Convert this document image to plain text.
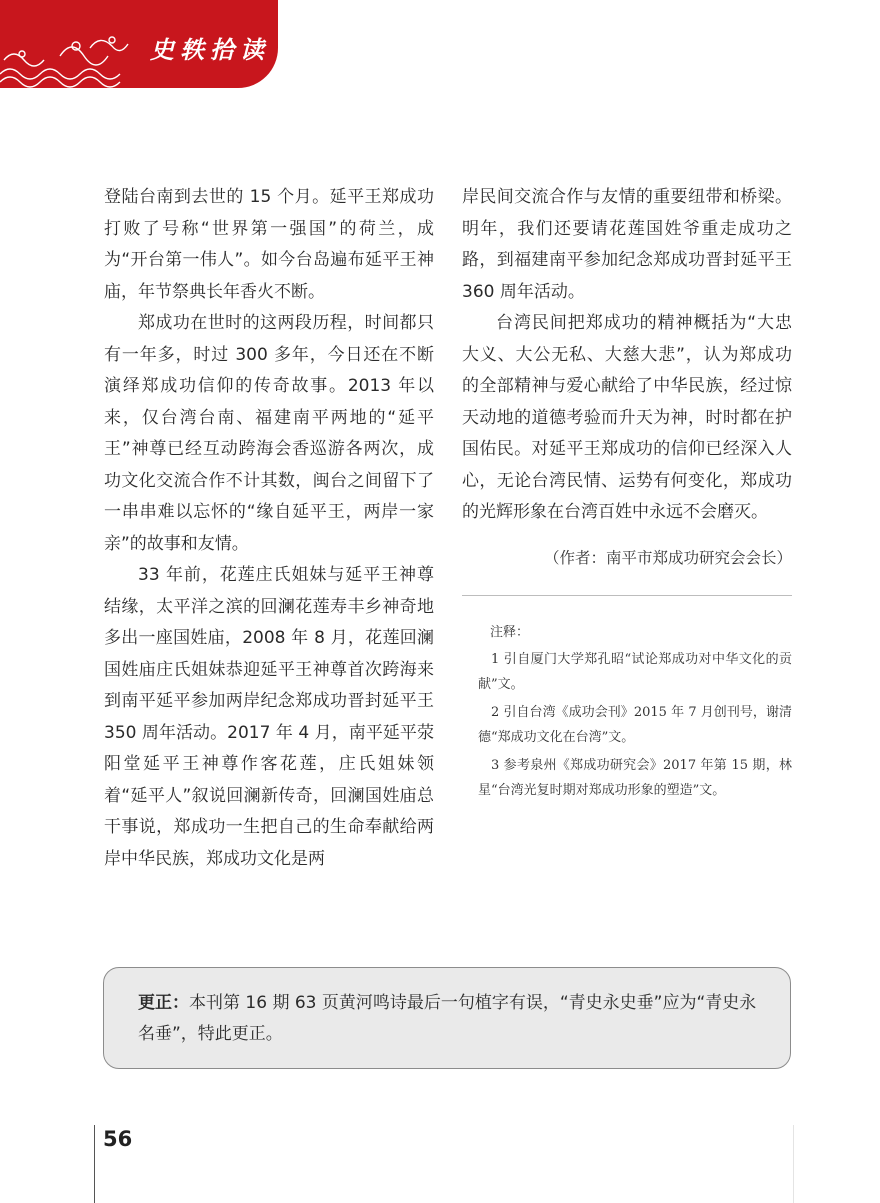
史轶拾读

登陆台南到去世的 15 个月。延平王郑成功打败了号称“世界第一强国”的荷兰，成为“开台第一伟人”。如今台岛遍布延平王神庙，年节祭典长年香火不断。

郑成功在世时的这两段历程，时间都只有一年多，时过 300 多年，今日还在不断演绎郑成功信仰的传奇故事。2013 年以来，仅台湾台南、福建南平两地的“延平王”神尊已经互动跨海会香巡游各两次，成功文化交流合作不计其数，闽台之间留下了一串串难以忘怀的“缘自延平王，两岸一家亲”的故事和友情。

33 年前，花莲庄氏姐妹与延平王神尊结缘，太平洋之滨的回澜花莲寿丰乡神奇地多出一座国姓庙，2008 年 8 月，花莲回澜国姓庙庄氏姐妹恭迎延平王神尊首次跨海来到南平延平参加两岸纪念郑成功晋封延平王 350 周年活动。2017 年 4 月，南平延平荥阳堂延平王神尊作客花莲，庄氏姐妹领着“延平人”叙说回澜新传奇，回澜国姓庙总干事说，郑成功一生把自己的生命奉献给两岸中华民族，郑成功文化是两

岸民间交流合作与友情的重要纽带和桥梁。明年，我们还要请花莲国姓爷重走成功之路，到福建南平参加纪念郑成功晋封延平王 360 周年活动。

台湾民间把郑成功的精神概括为“大忠大义、大公无私、大慈大悲”，认为郑成功的全部精神与爱心献给了中华民族，经过惊天动地的道德考验而升天为神，时时都在护国佑民。对延平王郑成功的信仰已经深入人心，无论台湾民情、运势有何变化，郑成功的光辉形象在台湾百姓中永远不会磨灭。

（作者：南平市郑成功研究会会长）
注释：

1 引自厦门大学郑孔昭“试论郑成功对中华文化的贡献”文。

2 引自台湾《成功会刊》2015 年 7 月创刊号，谢清德“郑成功文化在台湾”文。

3 参考泉州《郑成功研究会》2017 年第 15 期，林星“台湾光复时期对郑成功形象的塑造”文。

更正：本刊第 16 期 63 页黄河鸣诗最后一句植字有误，“青史永史垂”应为“青史永名垂”，特此更正。
56
